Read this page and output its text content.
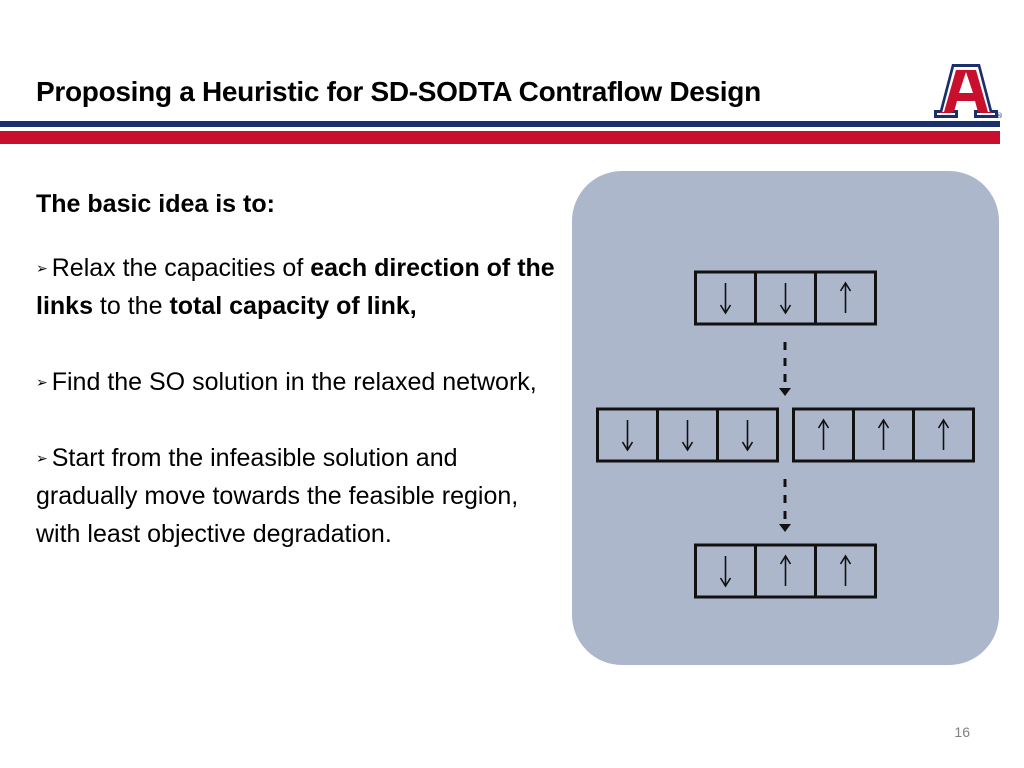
Proposing a Heuristic for SD-SODTA Contraflow Design
®
The basic idea is to:
➢ Relax the capacities of each direction of the links to the total capacity of link,
➢ Find the SO solution in the relaxed network,
➢ Start from the infeasible solution and gradually move towards the feasible region, with least objective degradation.
16
